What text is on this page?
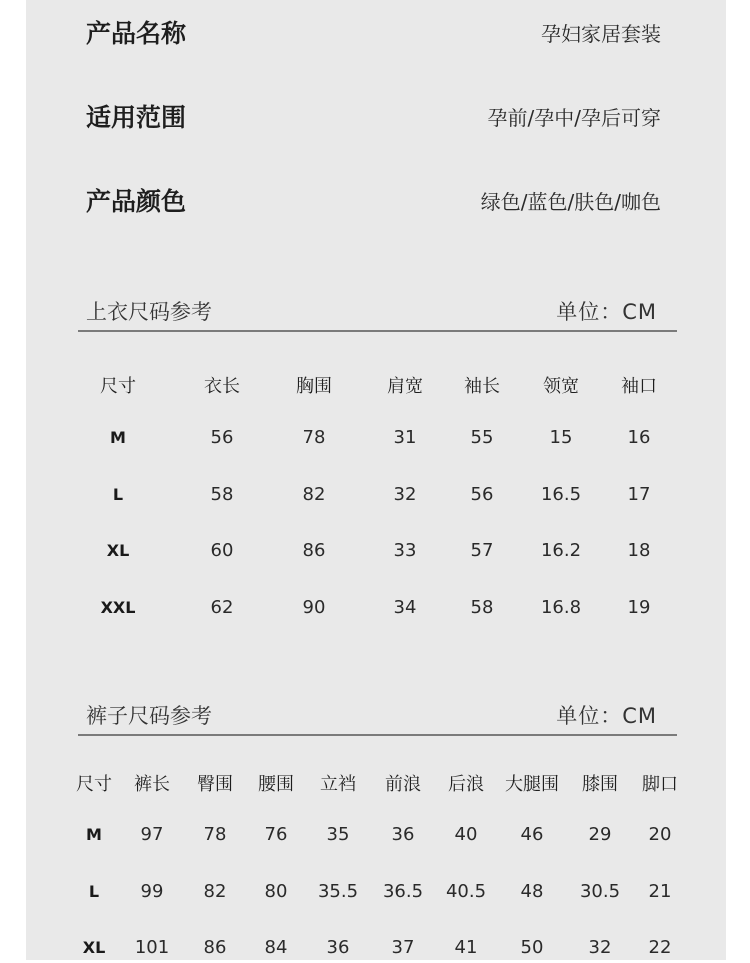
产品名称	孕妇家居套装
适用范围	孕前/孕中/孕后可穿
产品颜色	绿色/蓝色/肤色/咖色
上衣尺码参考	单位：CM
尺寸	衣长	胸围	肩宽	袖长	领宽	袖口
M	56	78	31	55	15	16
L	58	82	32	56	16.5	17
XL	60	86	33	57	16.2	18
XXL	62	90	34	58	16.8	19
裤子尺码参考	单位：CM
尺寸	裤长	臀围	腰围	立裆	前浪	后浪	大腿围	膝围	脚口
M	97	78	76	35	36	40	46	29	20
L	99	82	80	35.5	36.5	40.5	48	30.5	21
XL	101	86	84	36	37	41	50	32	22
